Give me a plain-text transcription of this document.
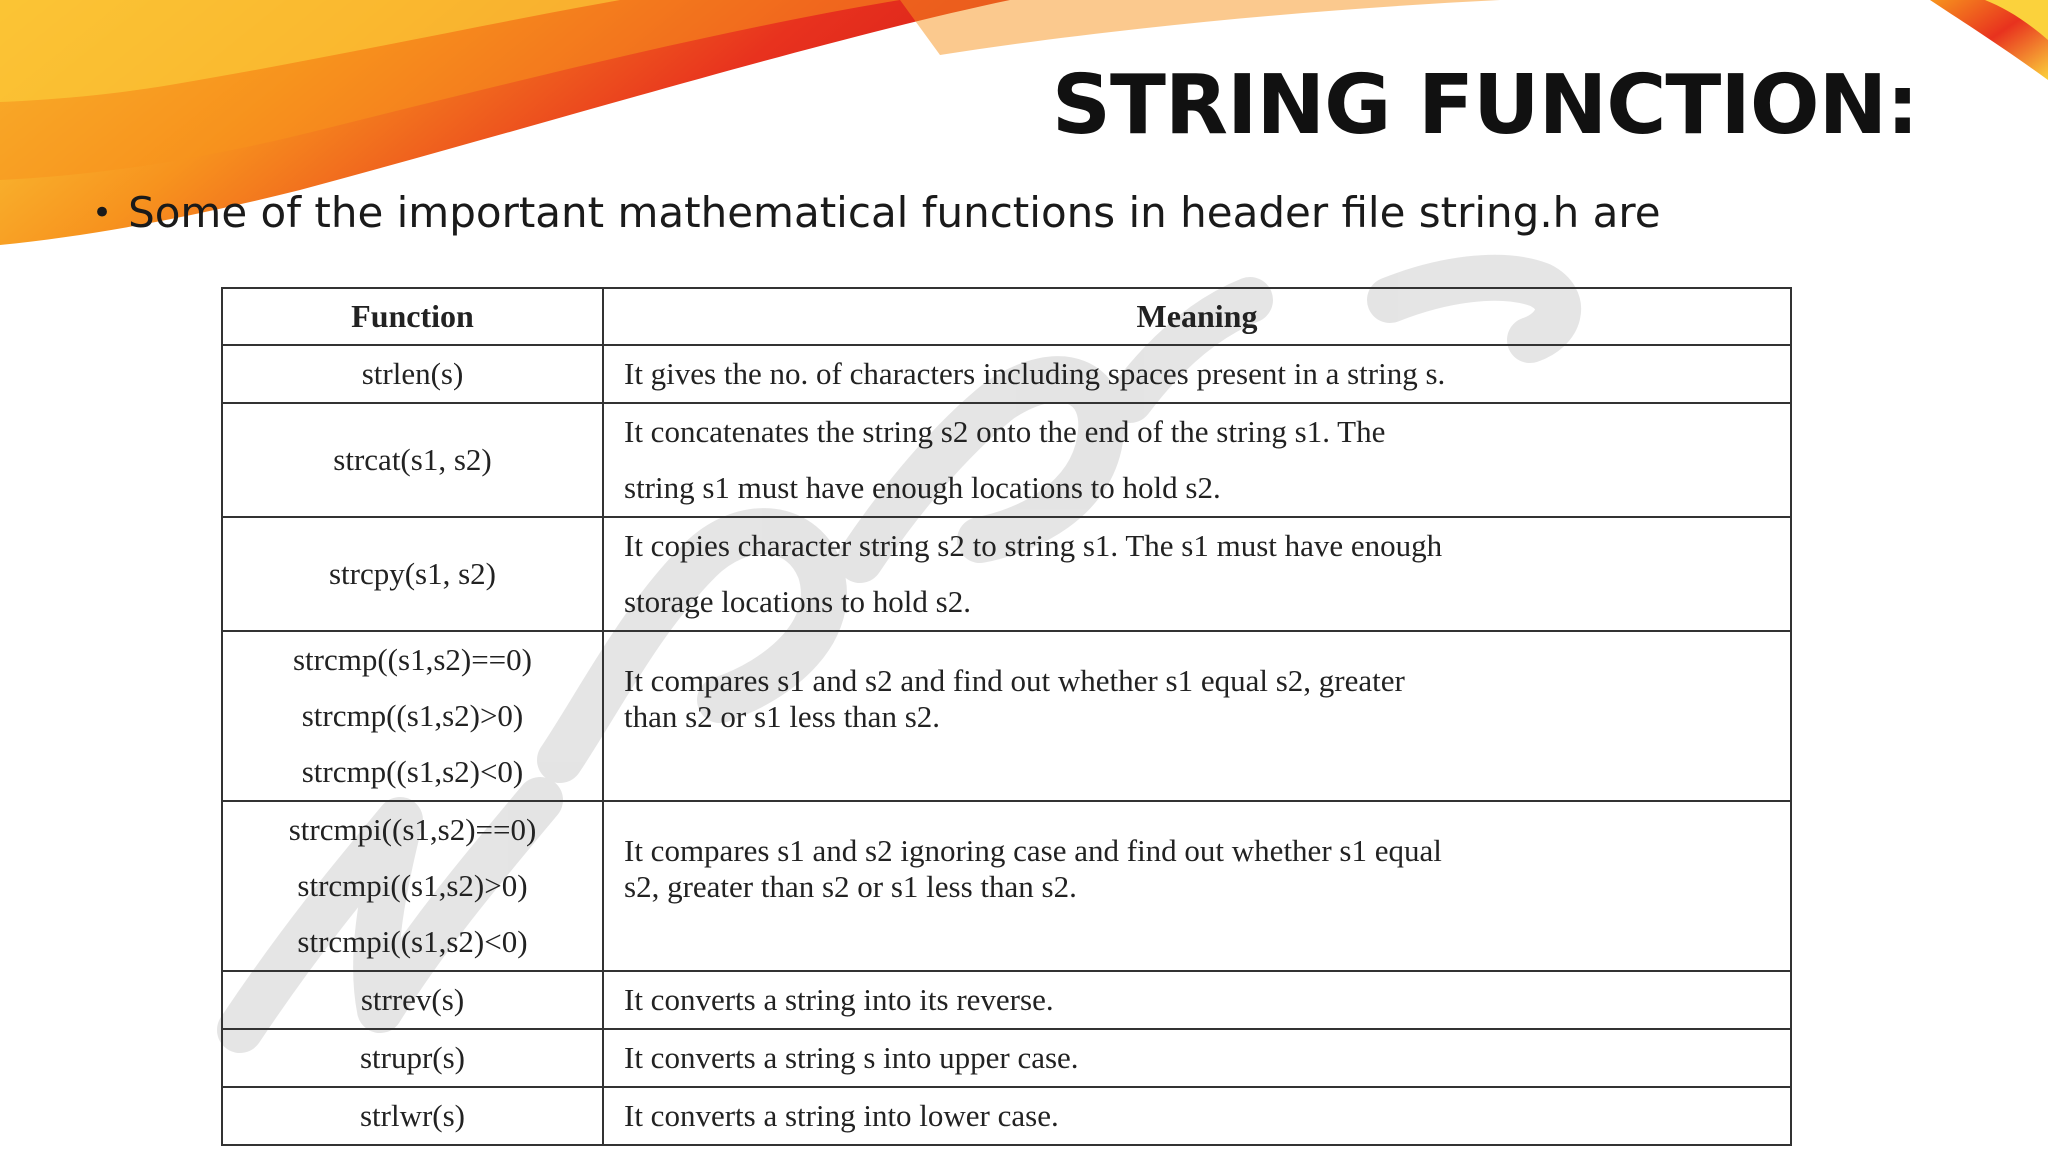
STRING FUNCTION:
• Some of the important mathematical functions in header file string.h are
Function	Meaning

strlen(s)	It gives the no. of characters including spaces present in a string s.

strcat(s1, s2)	It concatenates the string s2 onto the end of the string s1. The
string s1 must have enough locations to hold s2.

strcpy(s1, s2)	It copies character string s2 to string s1. The s1 must have enough
storage locations to hold s2.

strcmp((s1,s2)==0)
strcmp((s1,s2)>0)
strcmp((s1,s2)<0)	It compares s1 and s2 and find out whether s1 equal s2, greater
than s2 or s1 less than s2.

strcmpi((s1,s2)==0)
strcmpi((s1,s2)>0)
strcmpi((s1,s2)<0)	It compares s1 and s2 ignoring case and find out whether s1 equal
s2, greater than s2 or s1 less than s2.

strrev(s)	It converts a string into its reverse.

strupr(s)	It converts a string s into upper case.

strlwr(s)	It converts a string into lower case.
